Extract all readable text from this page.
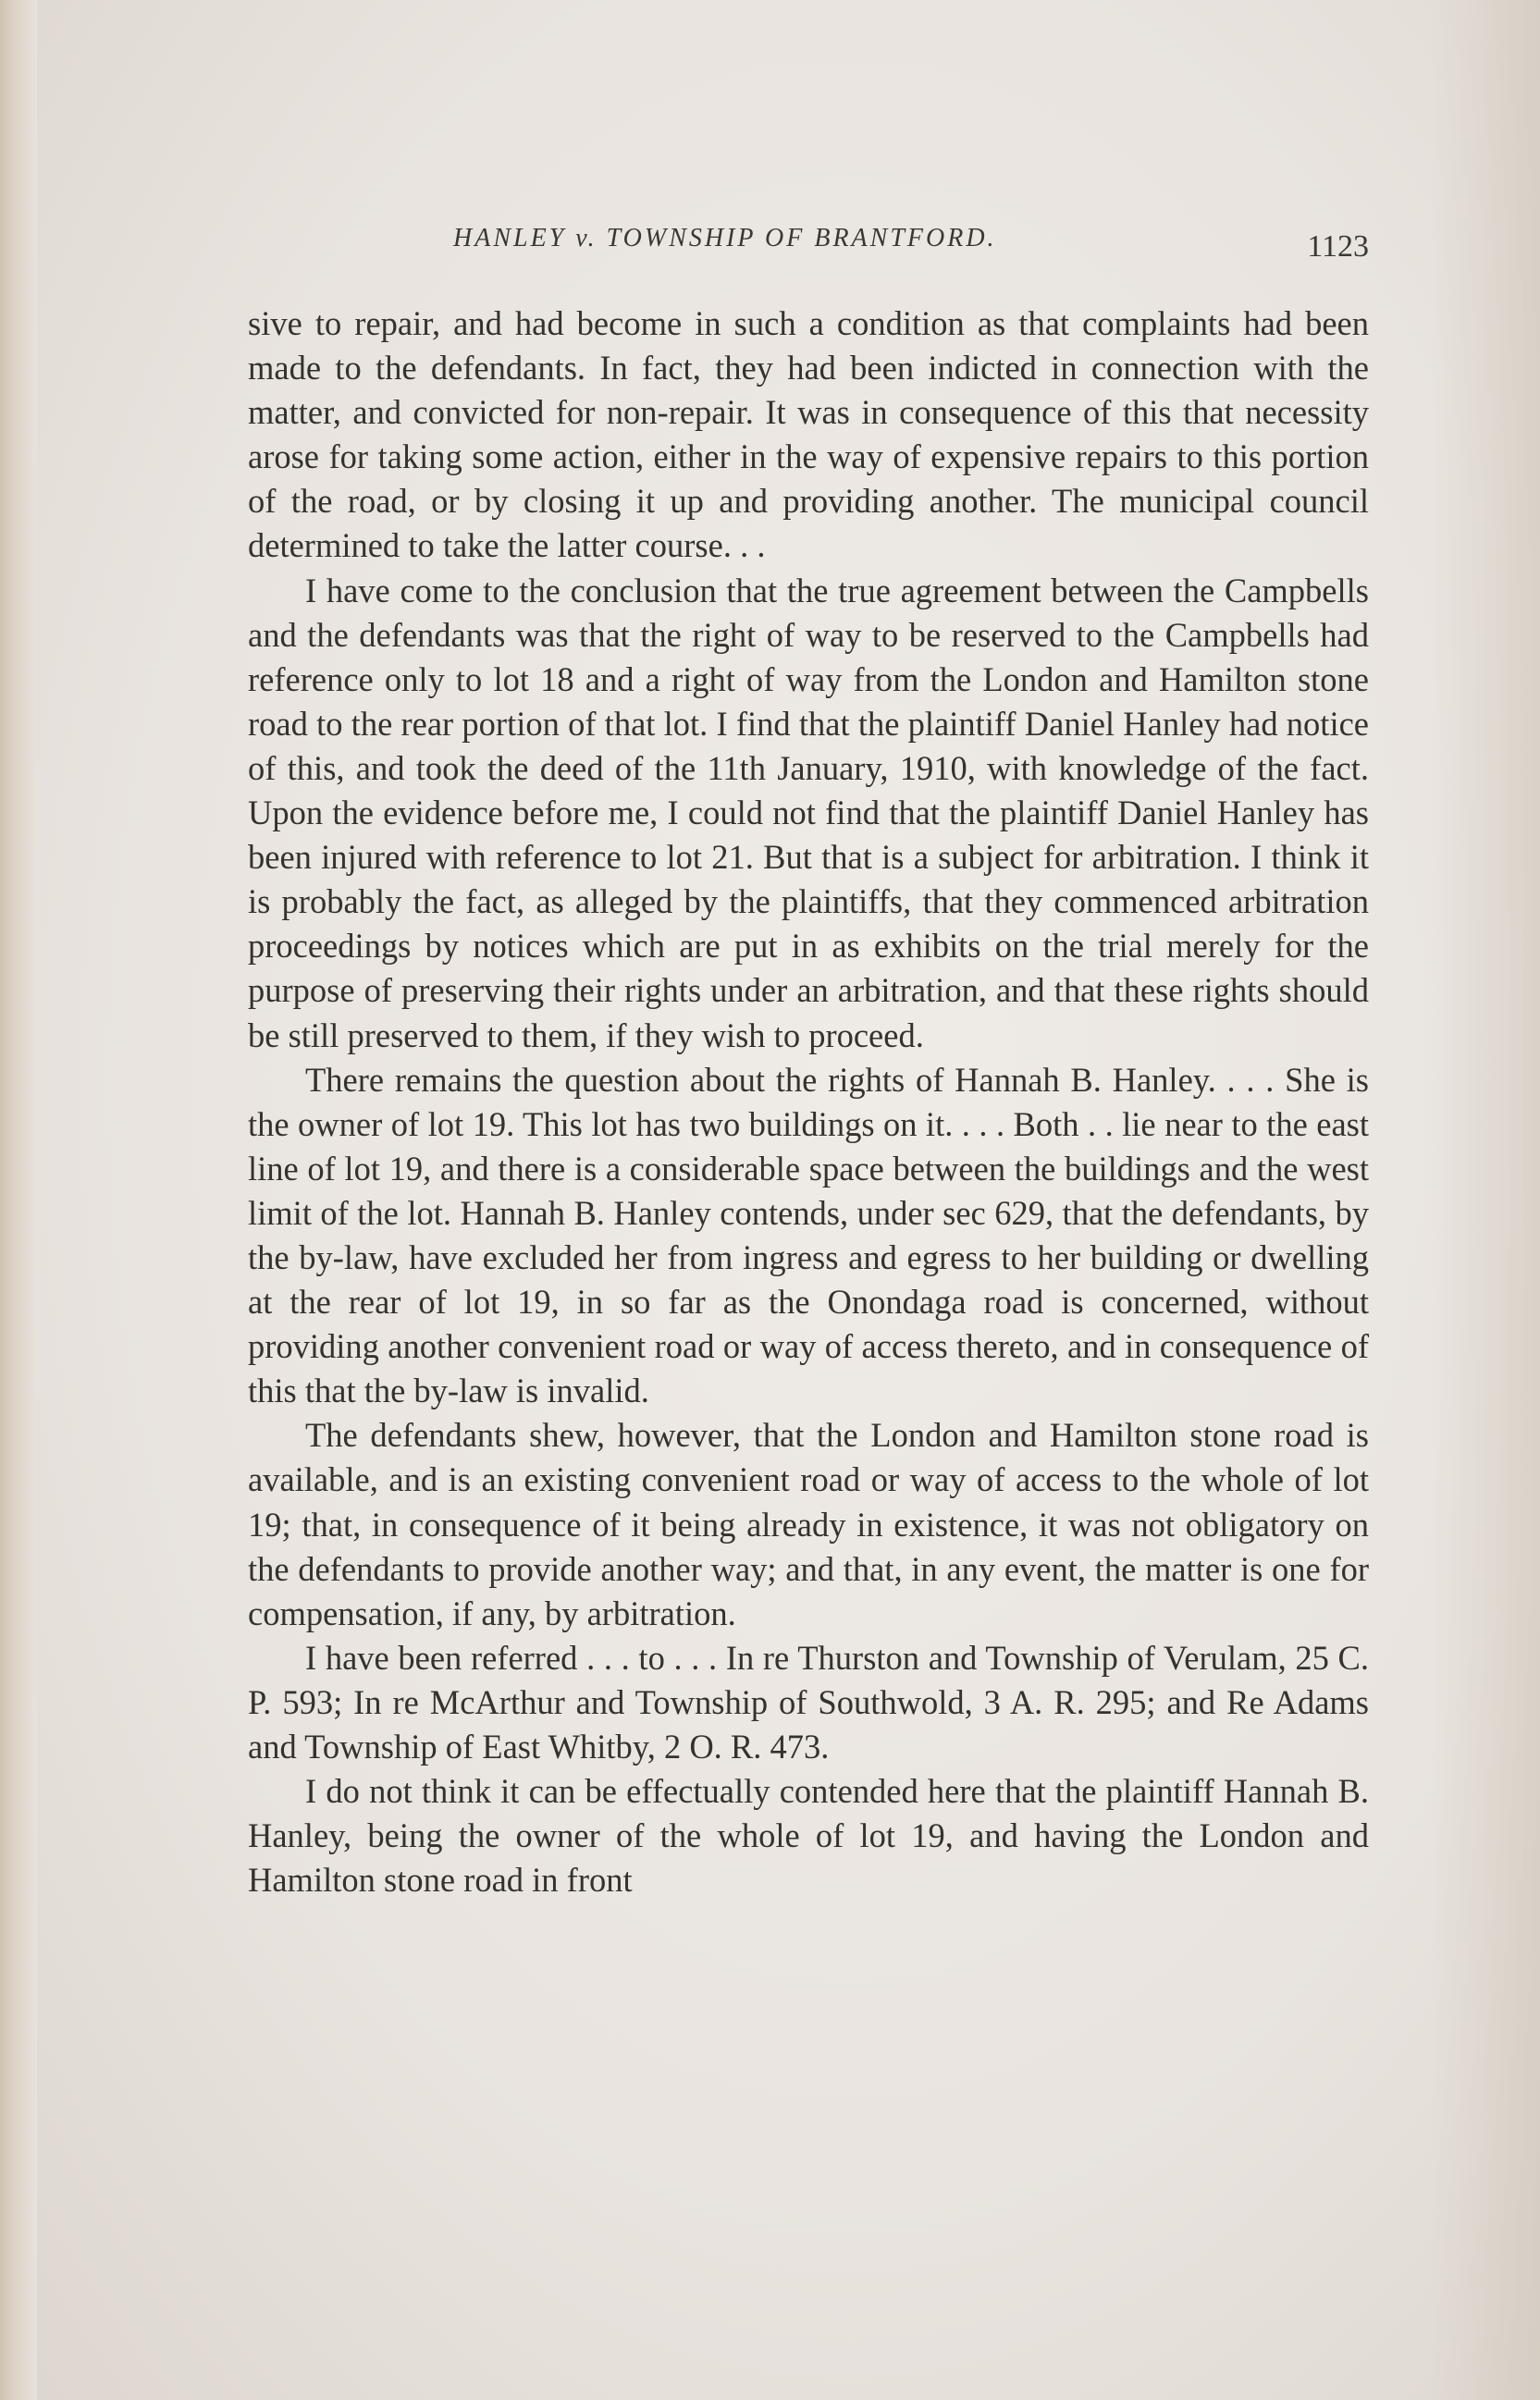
HANLEY v. TOWNSHIP OF BRANTFORD.	1123

sive to repair, and had become in such a condition as that complaints had been made to the defendants. In fact, they had been indicted in connection with the matter, and convicted for non-repair. It was in consequence of this that necessity arose for taking some action, either in the way of expensive repairs to this portion of the road, or by closing it up and providing another. The municipal council determined to take the latter course. . .

I have come to the conclusion that the true agreement between the Campbells and the defendants was that the right of way to be reserved to the Campbells had reference only to lot 18 and a right of way from the London and Hamilton stone road to the rear portion of that lot. I find that the plaintiff Daniel Hanley had notice of this, and took the deed of the 11th January, 1910, with knowledge of the fact. Upon the evidence before me, I could not find that the plaintiff Daniel Hanley has been injured with reference to lot 21. But that is a subject for arbitration. I think it is probably the fact, as alleged by the plaintiffs, that they commenced arbitration proceedings by notices which are put in as exhibits on the trial merely for the purpose of preserving their rights under an arbitration, and that these rights should be still preserved to them, if they wish to proceed.

There remains the question about the rights of Hannah B. Hanley. . . . She is the owner of lot 19. This lot has two buildings on it. . . . Both . . lie near to the east line of lot 19, and there is a considerable space between the buildings and the west limit of the lot. Hannah B. Hanley contends, under sec 629, that the defendants, by the by-law, have excluded her from ingress and egress to her building or dwelling at the rear of lot 19, in so far as the Onondaga road is concerned, without providing another convenient road or way of access thereto, and in consequence of this that the by-law is invalid.

The defendants shew, however, that the London and Hamilton stone road is available, and is an existing convenient road or way of access to the whole of lot 19; that, in consequence of it being already in existence, it was not obligatory on the defendants to provide another way; and that, in any event, the matter is one for compensation, if any, by arbitration.

I have been referred . . . to . . . In re Thurston and Township of Verulam, 25 C. P. 593; In re McArthur and Township of Southwold, 3 A. R. 295; and Re Adams and Township of East Whitby, 2 O. R. 473.

I do not think it can be effectually contended here that the plaintiff Hannah B. Hanley, being the owner of the whole of lot 19, and having the London and Hamilton stone road in front
